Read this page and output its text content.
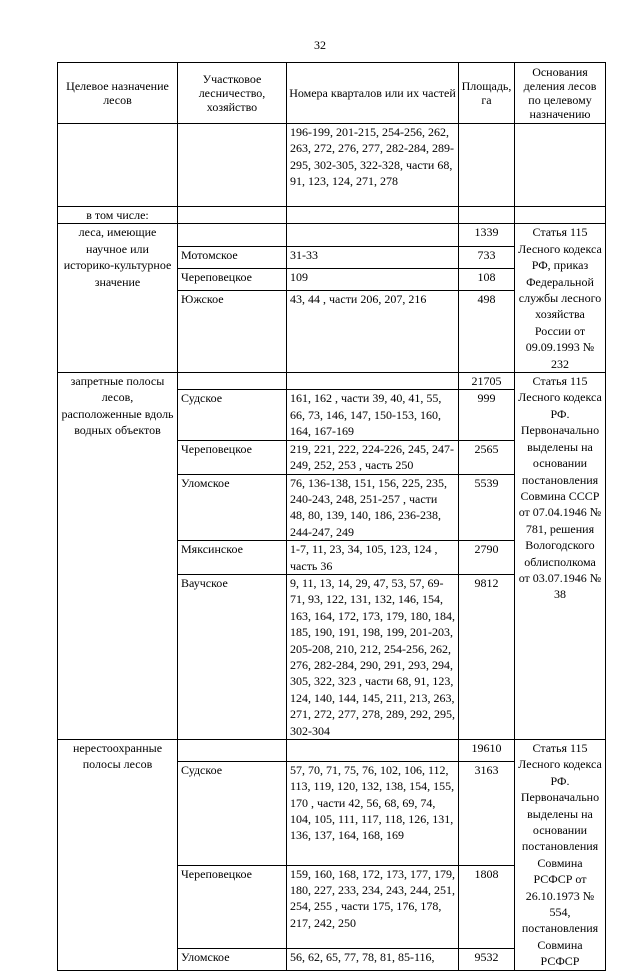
32
Целевое назначение лесов	Участковое лесничество, хозяйство	Номера кварталов или их частей	Площадь, га	Основания деления лесов по целевому назначению
		196-199, 201-215, 254-256, 262, 263, 272, 276, 277, 282-284, 289-295, 302-305, 322-328, части 68, 91, 123, 124, 271, 278		
в том числе:				
леса, имеющие научное или историко-культурное значение			1339	Статья 115 Лесного кодекса РФ, приказ Федеральной службы лесного хозяйства России от 09.09.1993 № 232
	Мотомское	31-33	733	
	Череповецкое	109	108	
	Южское	43, 44 , части 206, 207, 216	498	
запретные полосы лесов, расположенные вдоль водных объектов			21705	Статья 115 Лесного кодекса РФ. Первоначально выделены на основании постановления Совмина СССР от 07.04.1946 № 781, решения Вологодского облисполкома от 03.07.1946 № 38
	Судское	161, 162 , части 39, 40, 41, 55, 66, 73, 146, 147, 150-153, 160, 164, 167-169	999	
	Череповецкое	219, 221, 222, 224-226, 245, 247-249, 252, 253 , часть 250	2565	
	Уломское	76, 136-138, 151, 156, 225, 235, 240-243, 248, 251-257 , части 48, 80, 139, 140, 186, 236-238, 244-247, 249	5539	
	Мяксинское	1-7, 11, 23, 34, 105, 123, 124 , часть 36	2790	
	Ваучское	9, 11, 13, 14, 29, 47, 53, 57, 69-71, 93, 122, 131, 132, 146, 154, 163, 164, 172, 173, 179, 180, 184, 185, 190, 191, 198, 199, 201-203, 205-208, 210, 212, 254-256, 262, 276, 282-284, 290, 291, 293, 294, 305, 322, 323 , части 68, 91, 123, 124, 140, 144, 145, 211, 213, 263, 271, 272, 277, 278, 289, 292, 295, 302-304	9812	
нерестоохранные полосы лесов			19610	Статья 115 Лесного кодекса РФ. Первоначально выделены на основании постановления Совмина РСФСР от 26.10.1973 № 554, постановления Совмина РСФСР
	Судское	57, 70, 71, 75, 76, 102, 106, 112, 113, 119, 120, 132, 138, 154, 155, 170 , части 42, 56, 68, 69, 74, 104, 105, 111, 117, 118, 126, 131, 136, 137, 164, 168, 169	3163	
	Череповецкое	159, 160, 168, 172, 173, 177, 179, 180, 227, 233, 234, 243, 244, 251, 254, 255 , части 175, 176, 178, 217, 242, 250	1808	
	Уломское	56, 62, 65, 77, 78, 81, 85-116,	9532	
